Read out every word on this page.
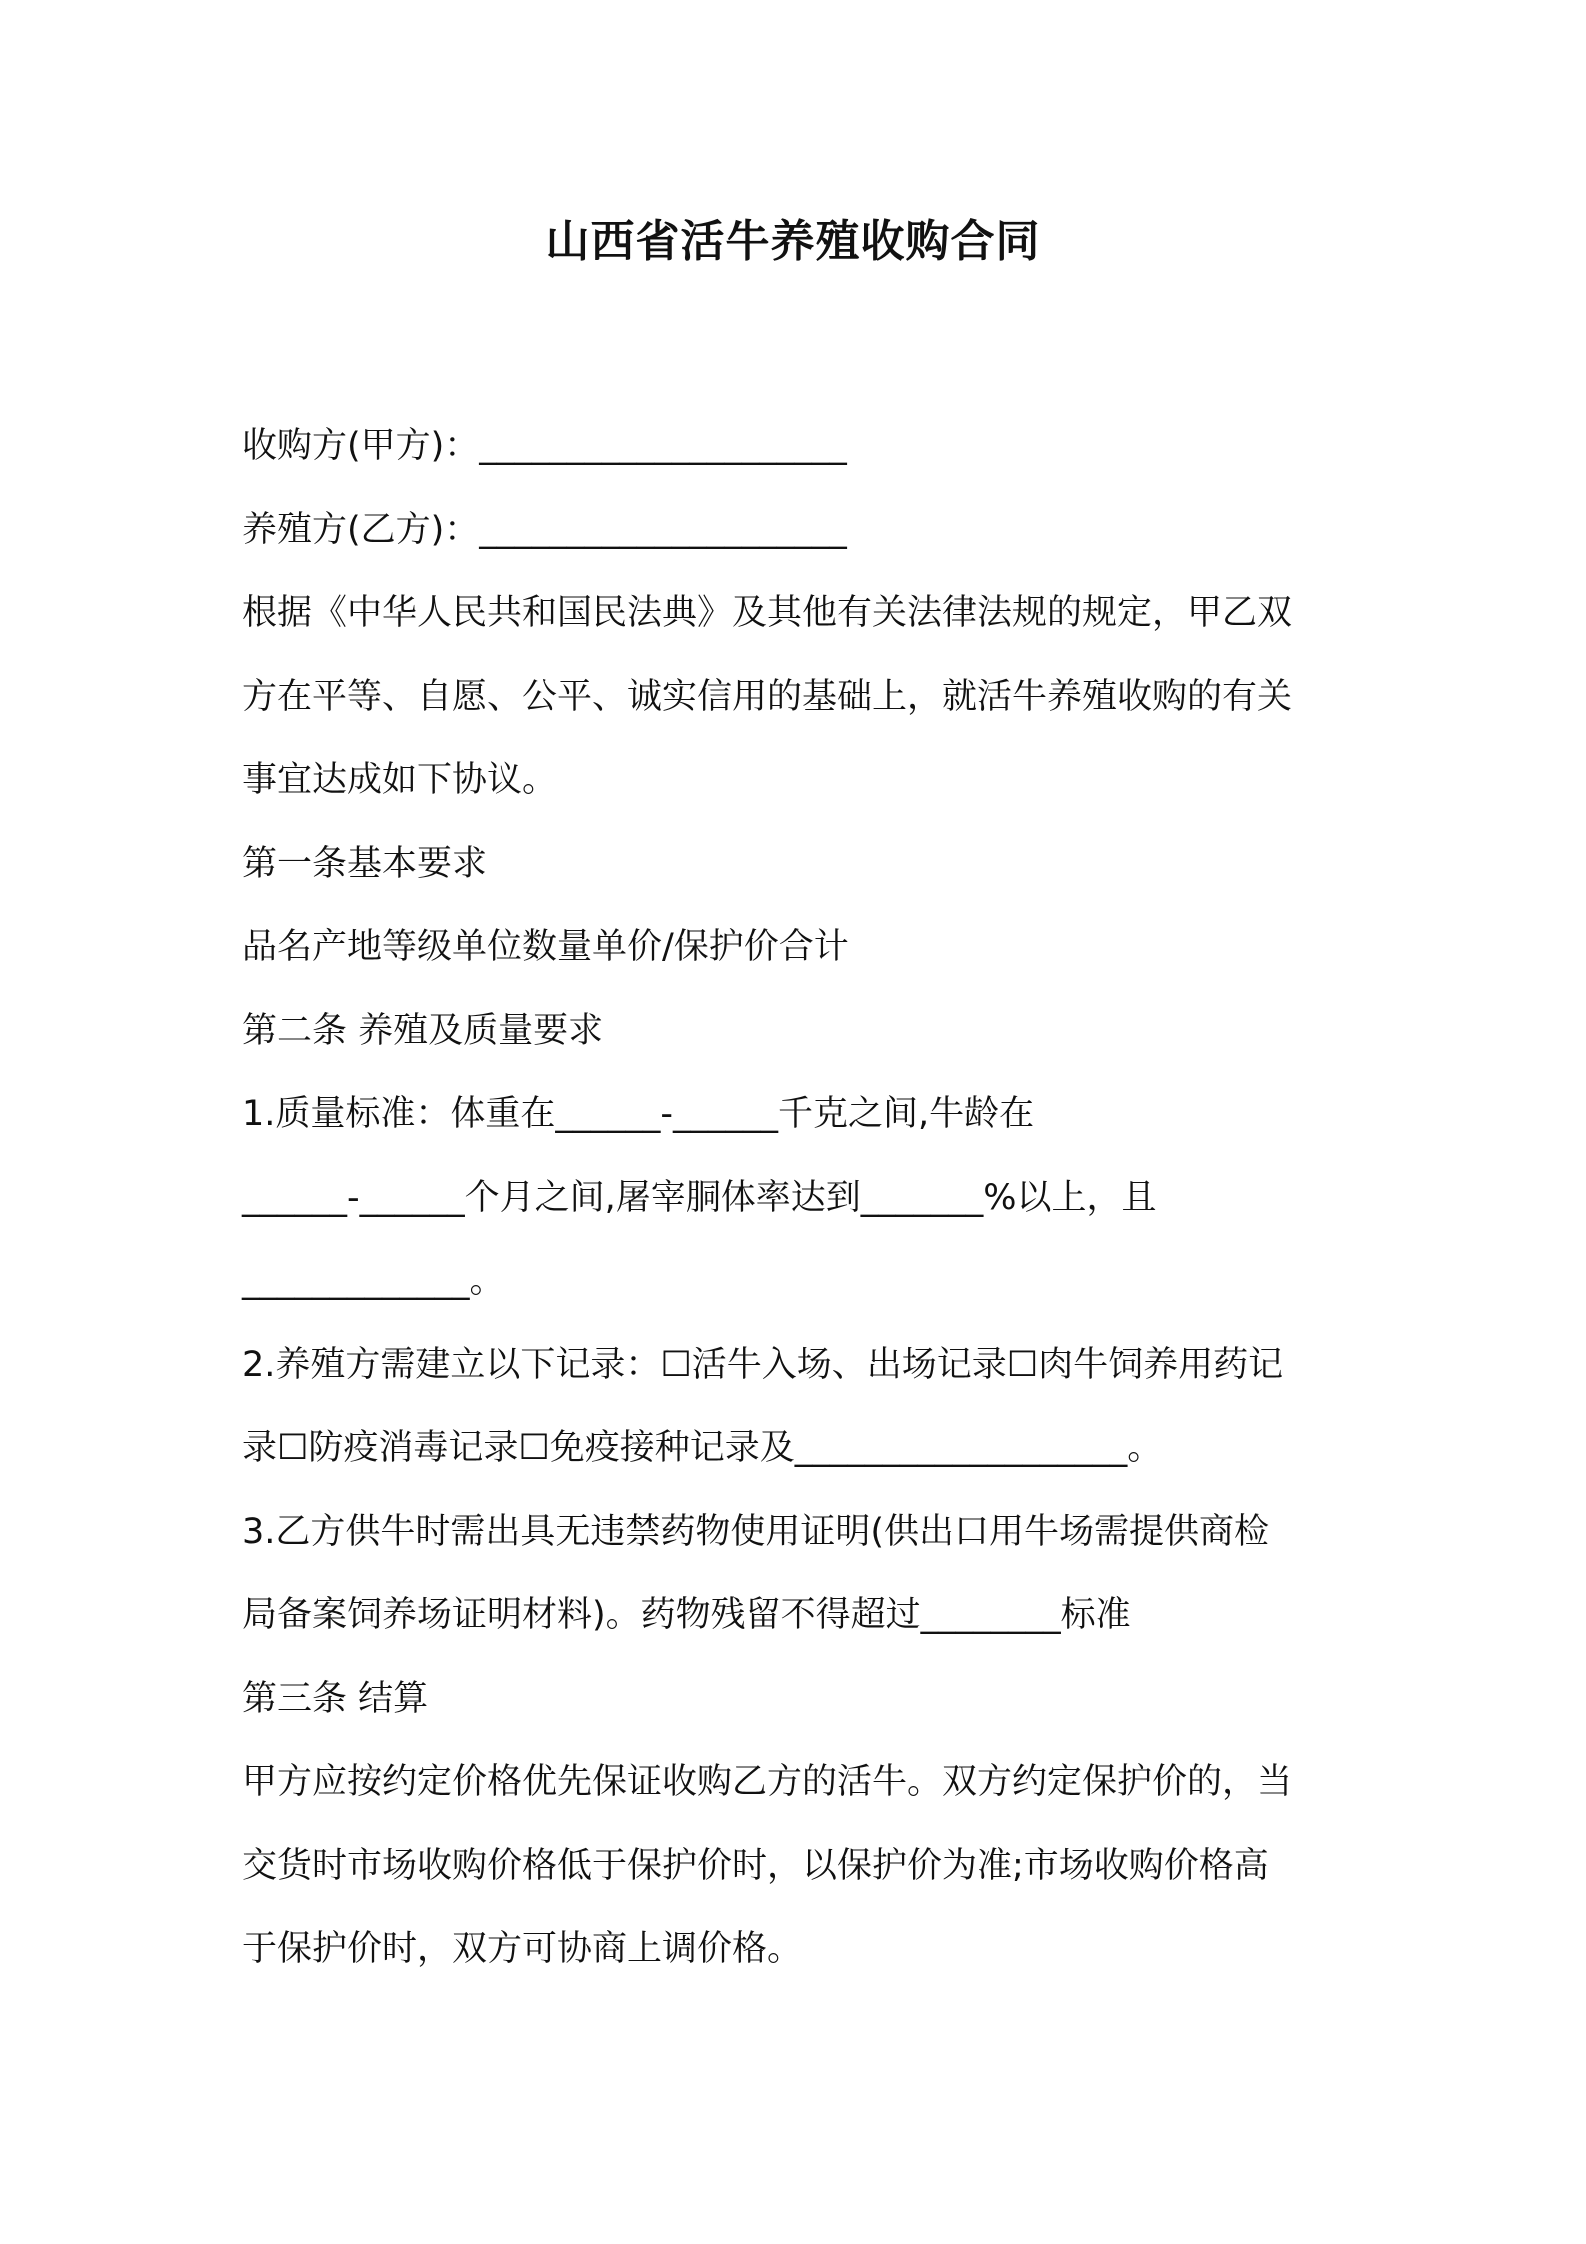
山西省活牛养殖收购合同
收购方(甲方)：_____________________
养殖方(乙方)：_____________________
根据《中华人民共和国民法典》及其他有关法律法规的规定，甲乙双
方在平等、自愿、公平、诚实信用的基础上，就活牛养殖收购的有关
事宜达成如下协议。
第一条基本要求
品名产地等级单位数量单价/保护价合计
第二条 养殖及质量要求
1.质量标准：体重在______-______千克之间,牛龄在
______-______个月之间,屠宰胴体率达到_______%以上，且
_____________。
2.养殖方需建立以下记录：☐活牛入场、出场记录☐肉牛饲养用药记
录☐防疫消毒记录☐免疫接种记录及___________________。
3.乙方供牛时需出具无违禁药物使用证明(供出口用牛场需提供商检
局备案饲养场证明材料)。药物残留不得超过________标准
第三条 结算
甲方应按约定价格优先保证收购乙方的活牛。双方约定保护价的，当
交货时市场收购价格低于保护价时，以保护价为准;市场收购价格高
于保护价时，双方可协商上调价格。
